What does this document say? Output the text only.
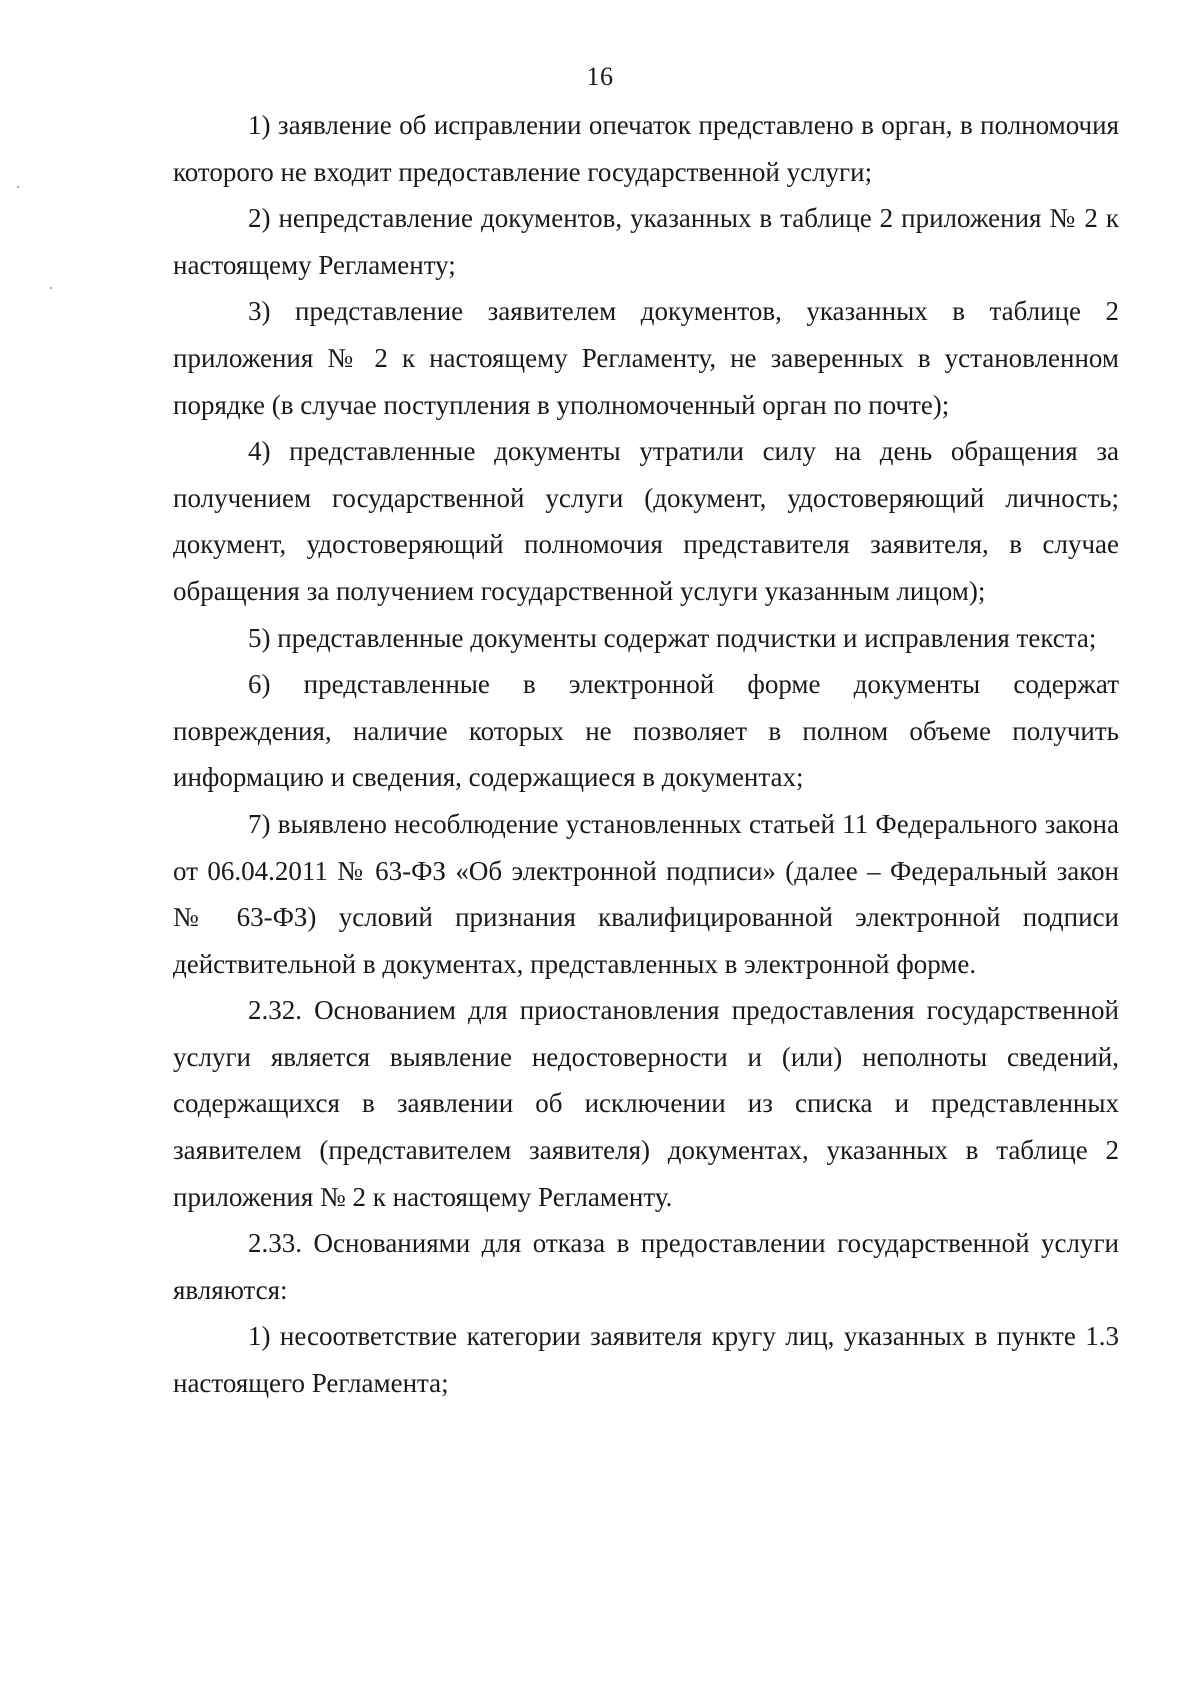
16

1) заявление об исправлении опечаток представлено в орган, в полномочия которого не входит предоставление государственной услуги;

2) непредставление документов, указанных в таблице 2 приложения № 2 к настоящему Регламенту;

3) представление заявителем документов, указанных в таблице 2 приложения № 2 к настоящему Регламенту, не заверенных в установленном порядке (в случае поступления в уполномоченный орган по почте);

4) представленные документы утратили силу на день обращения за получением государственной услуги (документ, удостоверяющий личность; документ, удостоверяющий полномочия представителя заявителя, в случае обращения за получением государственной услуги указанным лицом);

5) представленные документы содержат подчистки и исправления текста;

6) представленные в электронной форме документы содержат повреждения, наличие которых не позволяет в полном объеме получить информацию и сведения, содержащиеся в документах;

7) выявлено несоблюдение установленных статьей 11 Федерального закона от 06.04.2011 № 63-ФЗ «Об электронной подписи» (далее – Федеральный закон № 63-ФЗ) условий признания квалифицированной электронной подписи действительной в документах, представленных в электронной форме.

2.32. Основанием для приостановления предоставления государственной услуги является выявление недостоверности и (или) неполноты сведений, содержащихся в заявлении об исключении из списка и представленных заявителем (представителем заявителя) документах, указанных в таблице 2 приложения № 2 к настоящему Регламенту.

2.33. Основаниями для отказа в предоставлении государственной услуги являются:

1) несоответствие категории заявителя кругу лиц, указанных в пункте 1.3 настоящего Регламента;
